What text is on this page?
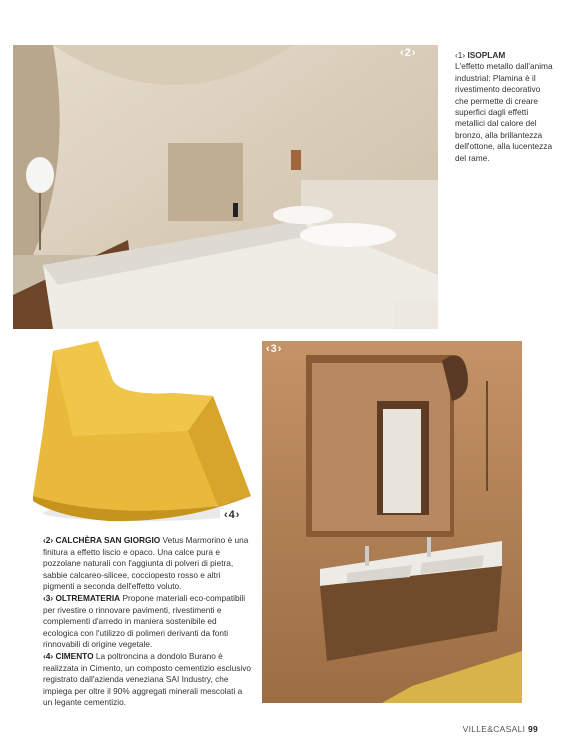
‹2›
‹4›
‹3›
‹1› ISOPLAM
L'effetto metallo dall'anima industrial: Plamina è il rivestimento decorativo che permette di creare superfici dagli effetti metallici dal calore del bronzo, alla brillantezza dell'ottone, alla lucentezza del rame.

‹2› CALCHÈRA SAN GIORGIO Vetus Marmorino è una finitura a effetto liscio e opaco. Una calce pura e pozzolane naturali con l'aggiunta di polveri di pietra, sabbie calcareo-silicee, cocciopesto rosso e altri pigmenti a seconda dell'effetto voluto.

‹3› OLTREMATERIA Propone materiali eco-compatibili per rivestire o rinnovare pavimenti, rivestimenti e complementi d'arredo in maniera sostenibile ed ecologica con l'utilizzo di polimeri derivanti da fonti rinnovabili di origine vegetale.

‹4› CIMENTO La poltroncina a dondolo Burano è realizzata in Cimento, un composto cementizio esclusivo registrato dall'azienda veneziana SAI Industry, che impiega per oltre il 90% aggregati minerali mescolati a un legante cementizio.

VILLE&CASALI 99
